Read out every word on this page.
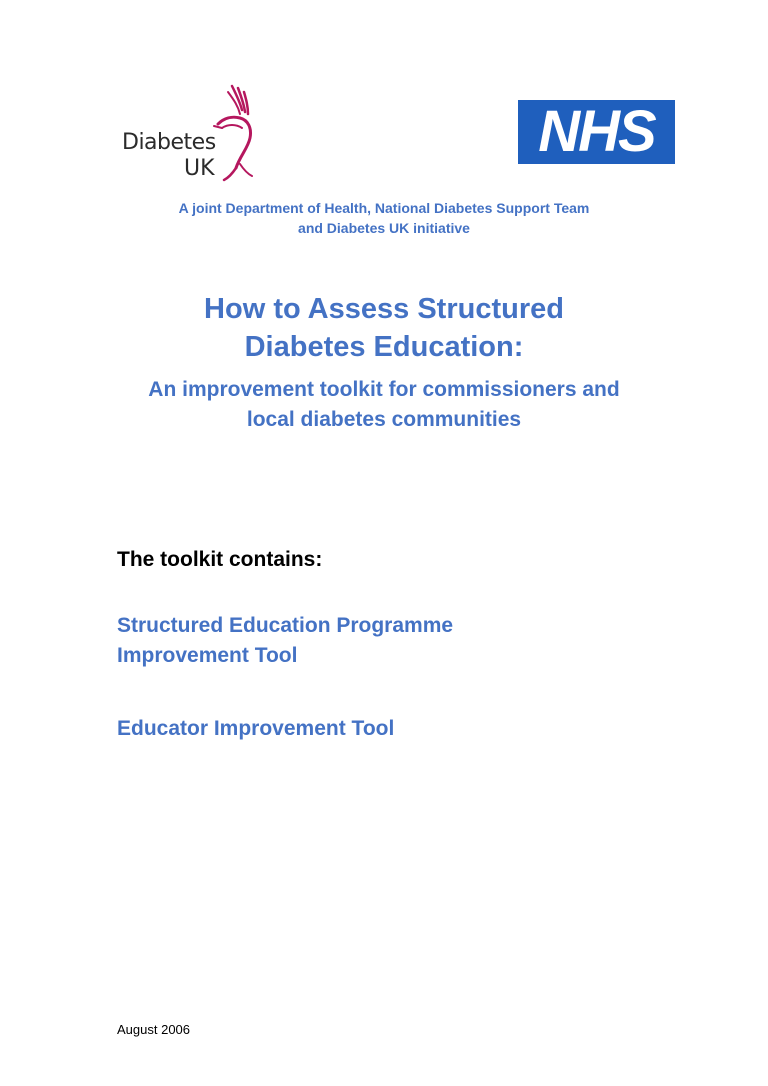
Diabetes
UK
NHS
A joint Department of Health, National Diabetes Support Team
and Diabetes UK initiative
How to Assess Structured
Diabetes Education:
An improvement toolkit for commissioners and
local diabetes communities
The toolkit contains:
Structured Education Programme
Improvement Tool
Educator Improvement Tool
August 2006
